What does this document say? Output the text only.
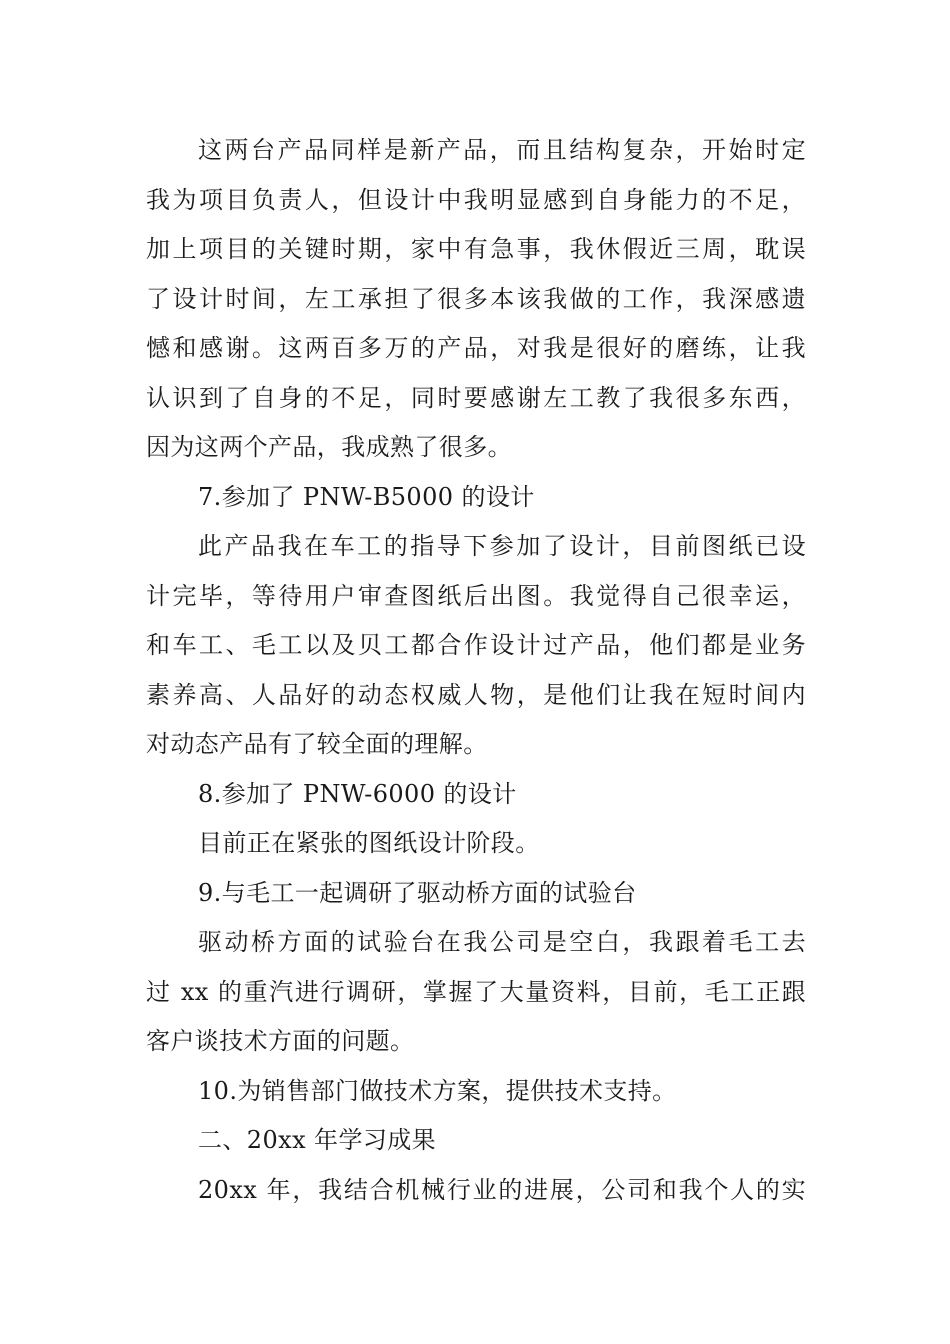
这两台产品同样是新产品，而且结构复杂，开始时定
我为项目负责人，但设计中我明显感到自身能力的不足，
加上项目的关键时期，家中有急事，我休假近三周，耽误
了设计时间，左工承担了很多本该我做的工作，我深感遗
憾和感谢。这两百多万的产品，对我是很好的磨练，让我
认识到了自身的不足，同时要感谢左工教了我很多东西，
因为这两个产品，我成熟了很多。
7.参加了 PNW-B5000 的设计
此产品我在车工的指导下参加了设计，目前图纸已设
计完毕，等待用户审查图纸后出图。我觉得自己很幸运，
和车工、毛工以及贝工都合作设计过产品，他们都是业务
素养高、人品好的动态权威人物，是他们让我在短时间内
对动态产品有了较全面的理解。
8.参加了 PNW-6000 的设计
目前正在紧张的图纸设计阶段。
9.与毛工一起调研了驱动桥方面的试验台
驱动桥方面的试验台在我公司是空白，我跟着毛工去
过 xx 的重汽进行调研，掌握了大量资料，目前，毛工正跟
客户谈技术方面的问题。
10.为销售部门做技术方案，提供技术支持。
二、20xx 年学习成果
20xx 年，我结合机械行业的进展，公司和我个人的实
